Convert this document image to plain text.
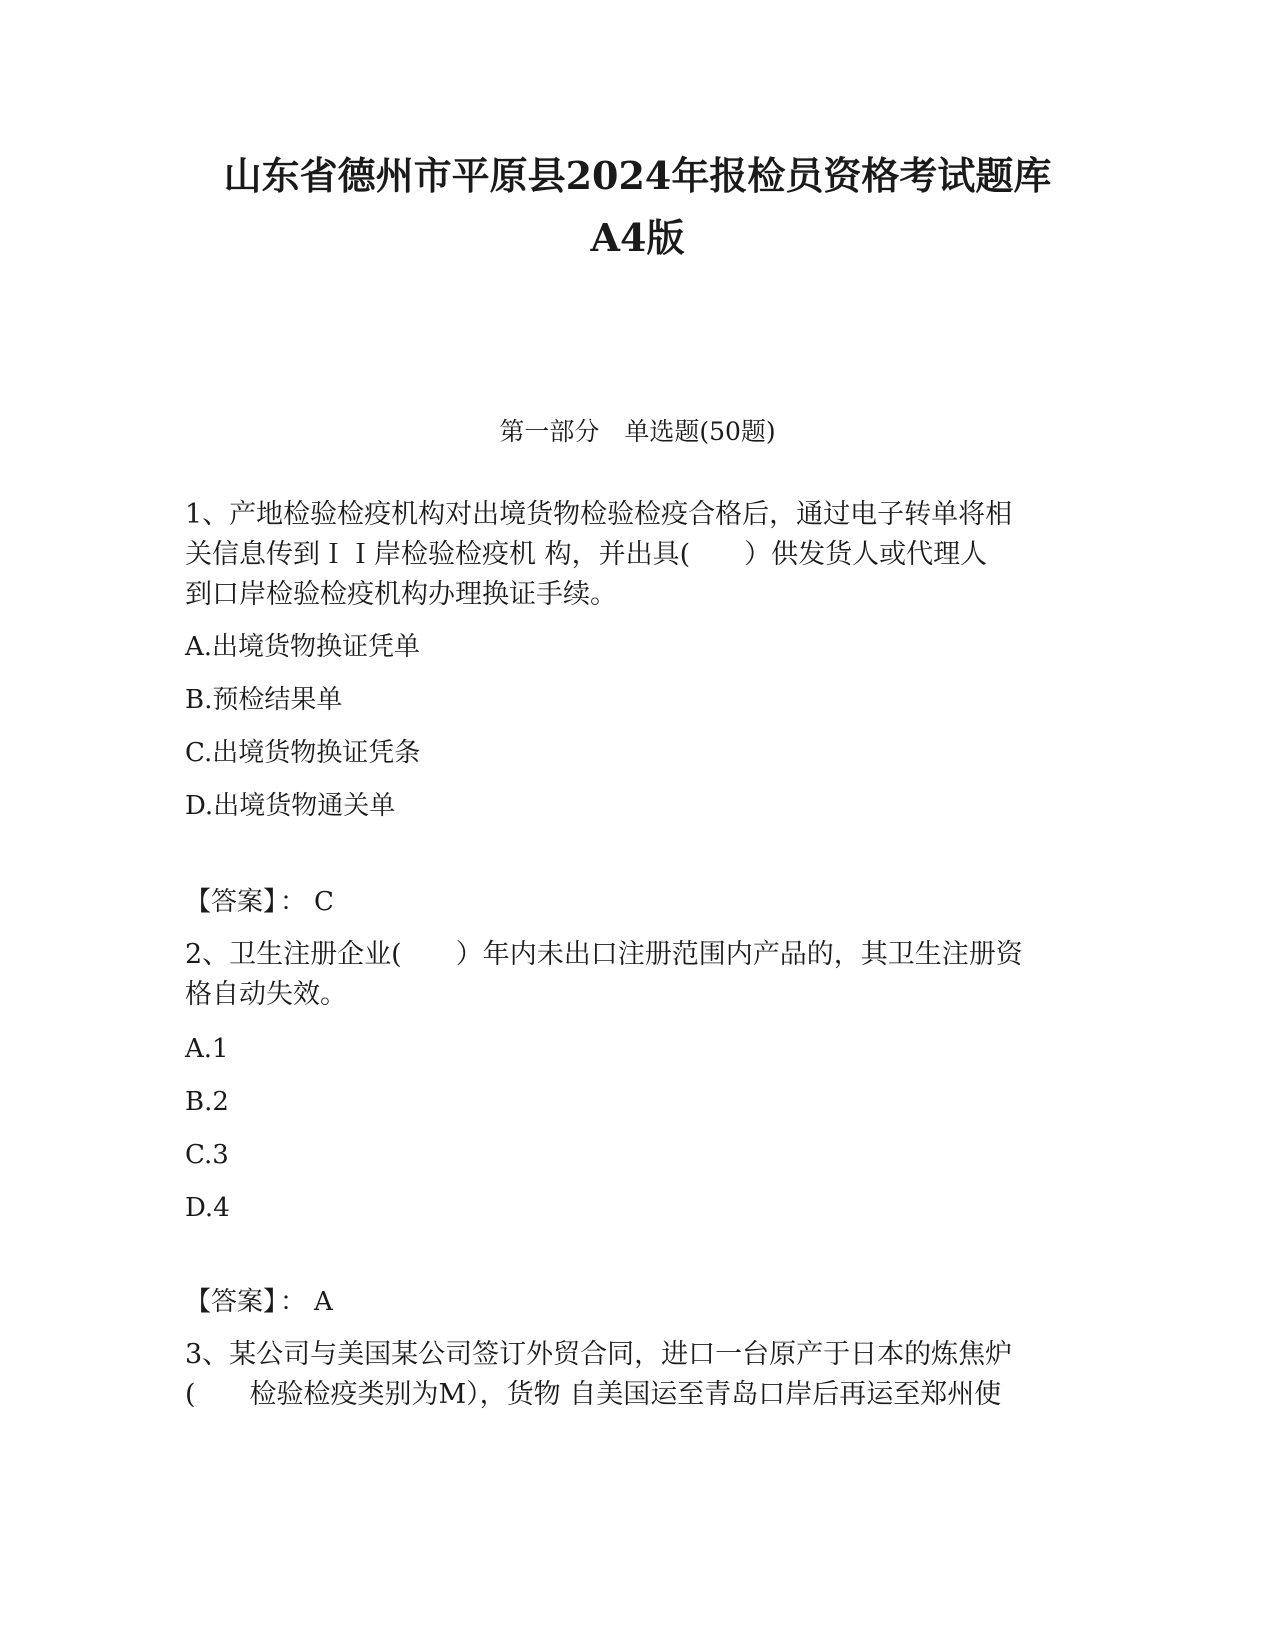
山东省德州市平原县2024年报检员资格考试题库
A4版
第一部分　单选题(50题)
1、产地检验检疫机构对出境货物检验检疫合格后，通过电子转单将相
关信息传到ＩＩ岸检验检疫机 构，并出具(　　）供发货人或代理人
到口岸检验检疫机构办理换证手续。
A.出境货物换证凭单
B.预检结果单
C.出境货物换证凭条
D.出境货物通关单
【答案】 ： C
2、卫生注册企业(　　）年内未出口注册范围内产品的，其卫生注册资
格自动失效。
A.1
B.2
C.3
D.4
【答案】 ： A
3、某公司与美国某公司签订外贸合同，进口一台原产于日本的炼焦炉
(　　检验检疫类别为M），货物 自美国运至青岛口岸后再运至郑州使
